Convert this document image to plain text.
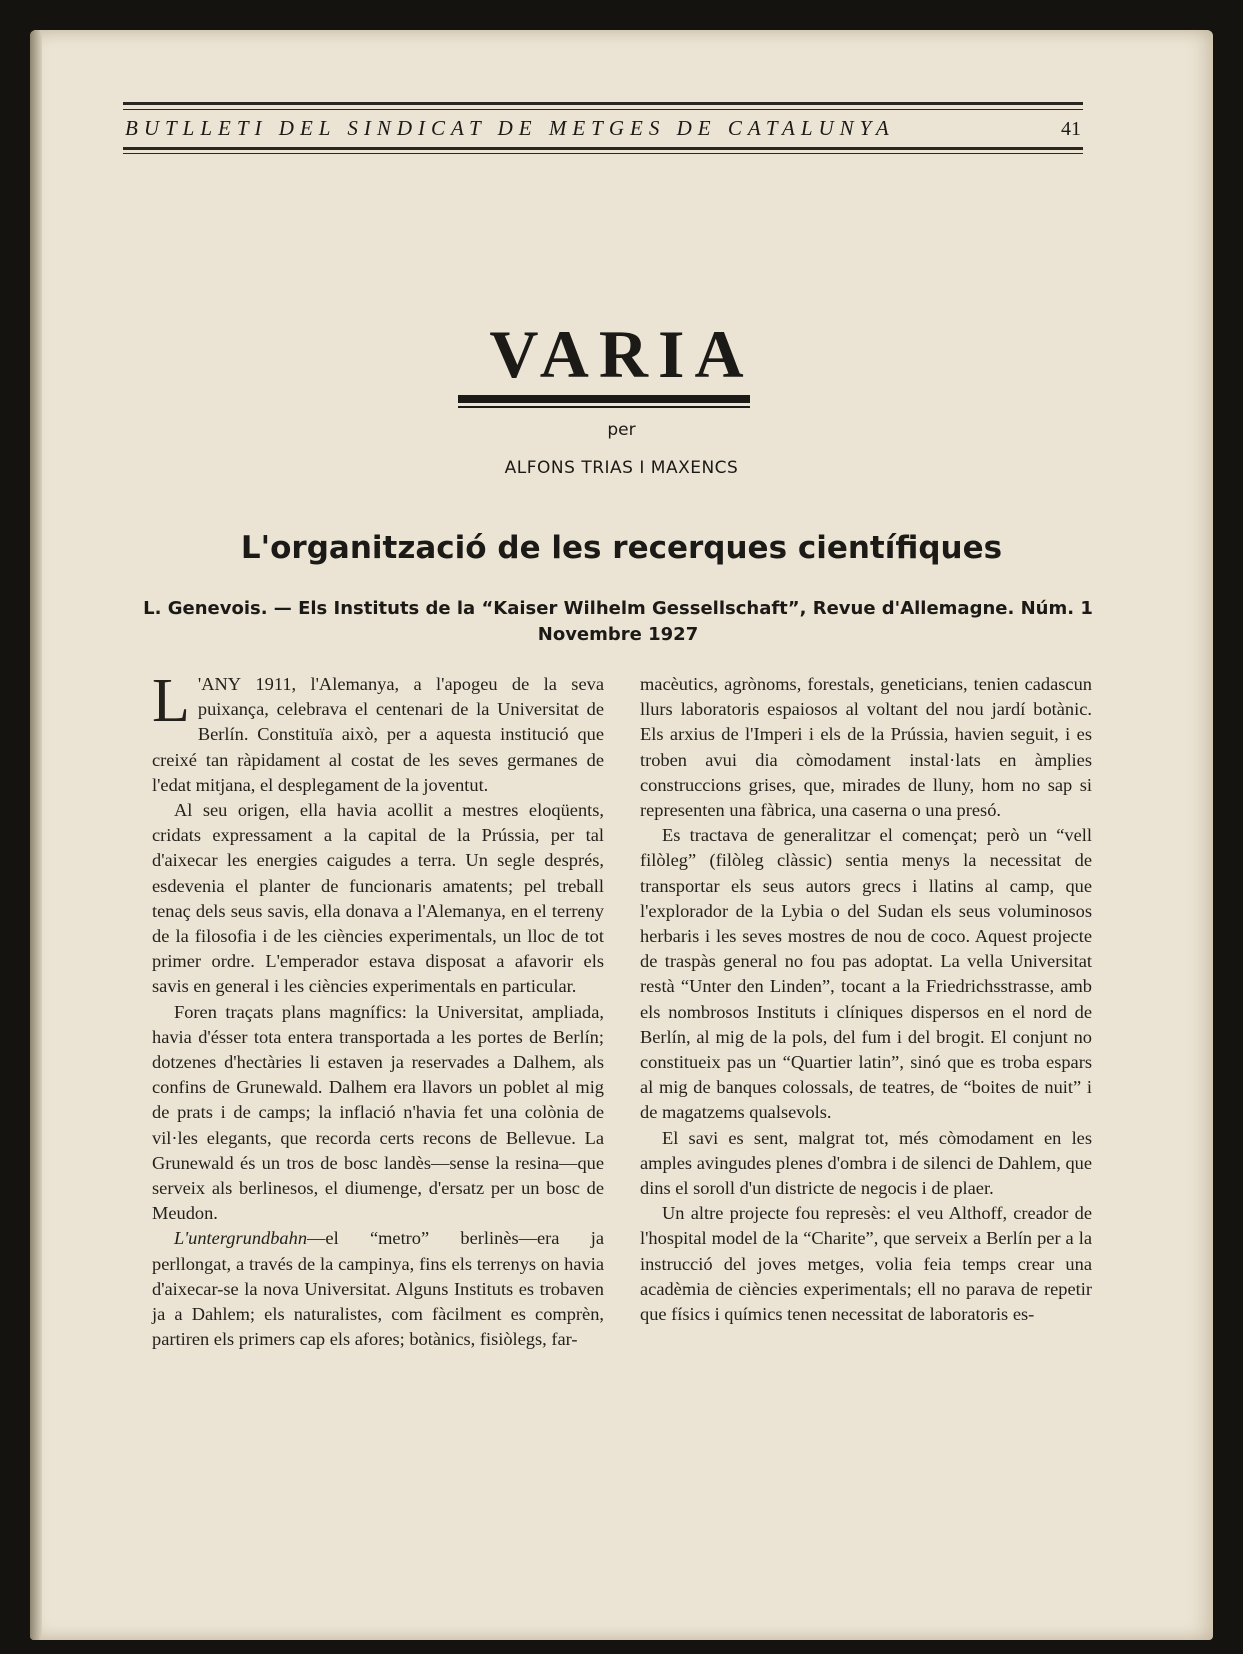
BUTLLETI DEL SINDICAT DE METGES DE CATALUNYA	41
VARIA
per
ALFONS TRIAS I MAXENCS
L'organització de les recerques científiques
L. Genevois. — Els Instituts de la “Kaiser Wilhelm Gessellschaft”, Revue d'Allemagne. Núm. 1
Novembre 1927

L 'ANY 1911, l'Alemanya, a l'apogeu de la seva puixança, celebrava el centenari de la Universitat de Berlín. Constituïa això, per a aquesta institució que creixé tan ràpidament al costat de les seves germanes de l'edat mitjana, el desplegament de la joventut.

Al seu origen, ella havia acollit a mestres eloqüents, cridats expressament a la capital de la Prússia, per tal d'aixecar les energies caigudes a terra. Un segle després, esdevenia el planter de funcionaris amatents; pel treball tenaç dels seus savis, ella donava a l'Alemanya, en el terreny de la filosofia i de les ciències experimentals, un lloc de tot primer ordre. L'emperador estava disposat a afavorir els savis en general i les ciències experimentals en particular.

Foren traçats plans magnífics: la Universitat, ampliada, havia d'ésser tota entera transportada a les portes de Berlín; dotzenes d'hectàries li estaven ja reservades a Dalhem, als confins de Grunewald. Dalhem era llavors un poblet al mig de prats i de camps; la inflació n'havia fet una colònia de vil·les elegants, que recorda certs recons de Bellevue. La Grunewald és un tros de bosc landès—sense la resina—que serveix als berlinesos, el diumenge, d'ersatz per un bosc de Meudon.

L'untergrundbahn—el “metro” berlinès—era ja perllongat, a través de la campinya, fins els terrenys on havia d'aixecar-se la nova Universitat. Alguns Instituts es trobaven ja a Dahlem; els naturalistes, com fàcilment es comprèn, partiren els primers cap els afores; botànics, fisiòlegs, far-

macèutics, agrònoms, forestals, geneticians, tenien cadascun llurs laboratoris espaiosos al voltant del nou jardí botànic. Els arxius de l'Imperi i els de la Prússia, havien seguit, i es troben avui dia còmodament instal·lats en àmplies construccions grises, que, mirades de lluny, hom no sap si representen una fàbrica, una caserna o una presó.

Es tractava de generalitzar el començat; però un “vell filòleg” (filòleg clàssic) sentia menys la necessitat de transportar els seus autors grecs i llatins al camp, que l'explorador de la Lybia o del Sudan els seus voluminosos herbaris i les seves mostres de nou de coco. Aquest projecte de traspàs general no fou pas adoptat. La vella Universitat restà “Unter den Linden”, tocant a la Friedrichsstrasse, amb els nombrosos Instituts i clíniques dispersos en el nord de Berlín, al mig de la pols, del fum i del brogit. El conjunt no constitueix pas un “Quartier latin”, sinó que es troba espars al mig de banques colossals, de teatres, de “boites de nuit” i de magatzems qualsevols.

El savi es sent, malgrat tot, més còmodament en les amples avingudes plenes d'ombra i de silenci de Dahlem, que dins el soroll d'un districte de negocis i de plaer.

Un altre projecte fou represès: el veu Althoff, creador de l'hospital model de la “Charite”, que serveix a Berlín per a la instrucció del joves metges, volia feia temps crear una acadèmia de ciències experimentals; ell no parava de repetir que físics i químics tenen necessitat de laboratoris es-
